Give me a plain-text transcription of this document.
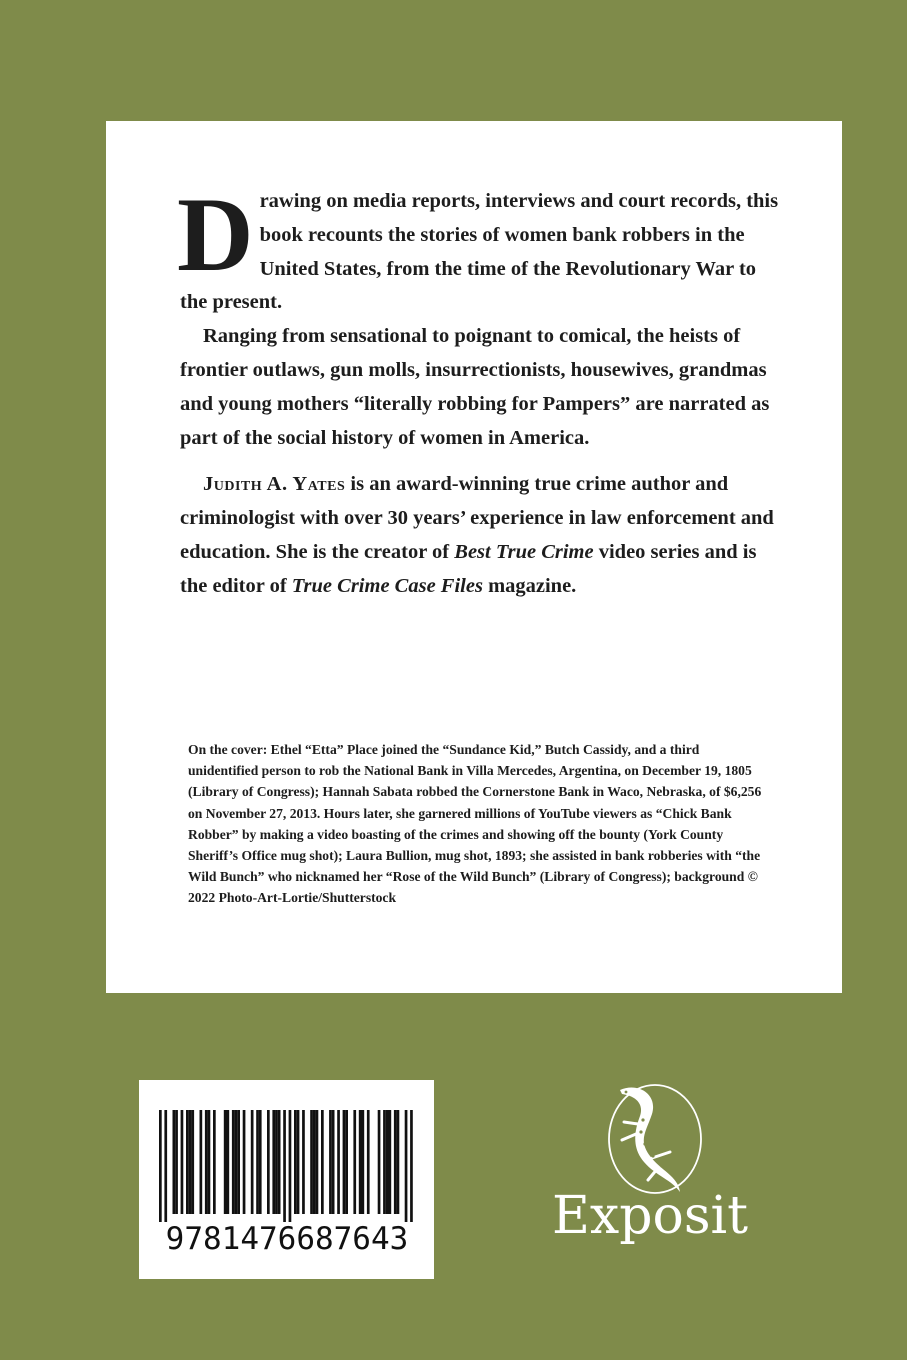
Drawing on media reports, interviews and court records, this book recounts the stories of women bank robbers in the United States, from the time of the Revolutionary War to the present.

Ranging from sensational to poignant to comical, the heists of frontier outlaws, gun molls, insurrectionists, housewives, grandmas and young mothers “literally robbing for Pampers” are narrated as part of the social history of women in America.

Judith A. Yates is an award-winning true crime author and criminologist with over 30 years’ experience in law enforcement and education. She is the creator of Best True Crime video series and is the editor of True Crime Case Files magazine.

On the cover: Ethel “Etta” Place joined the “Sundance Kid,” Butch Cassidy, and a third unidentified person to rob the National Bank in Villa Mercedes, Argentina, on December 19, 1805 (Library of Congress); Hannah Sabata robbed the Cornerstone Bank in Waco, Nebraska, of $6,256 on November 27, 2013. Hours later, she garnered millions of YouTube viewers as “Chick Bank Robber” by making a video boasting of the crimes and showing off the bounty (York County Sheriff’s Office mug shot); Laura Bullion, mug shot, 1893; she assisted in bank robberies with “the Wild Bunch” who nicknamed her “Rose of the Wild Bunch” (Library of Congress); background © 2022 Photo-Art-Lortie/Shutterstock
9781476687643	Exposit
